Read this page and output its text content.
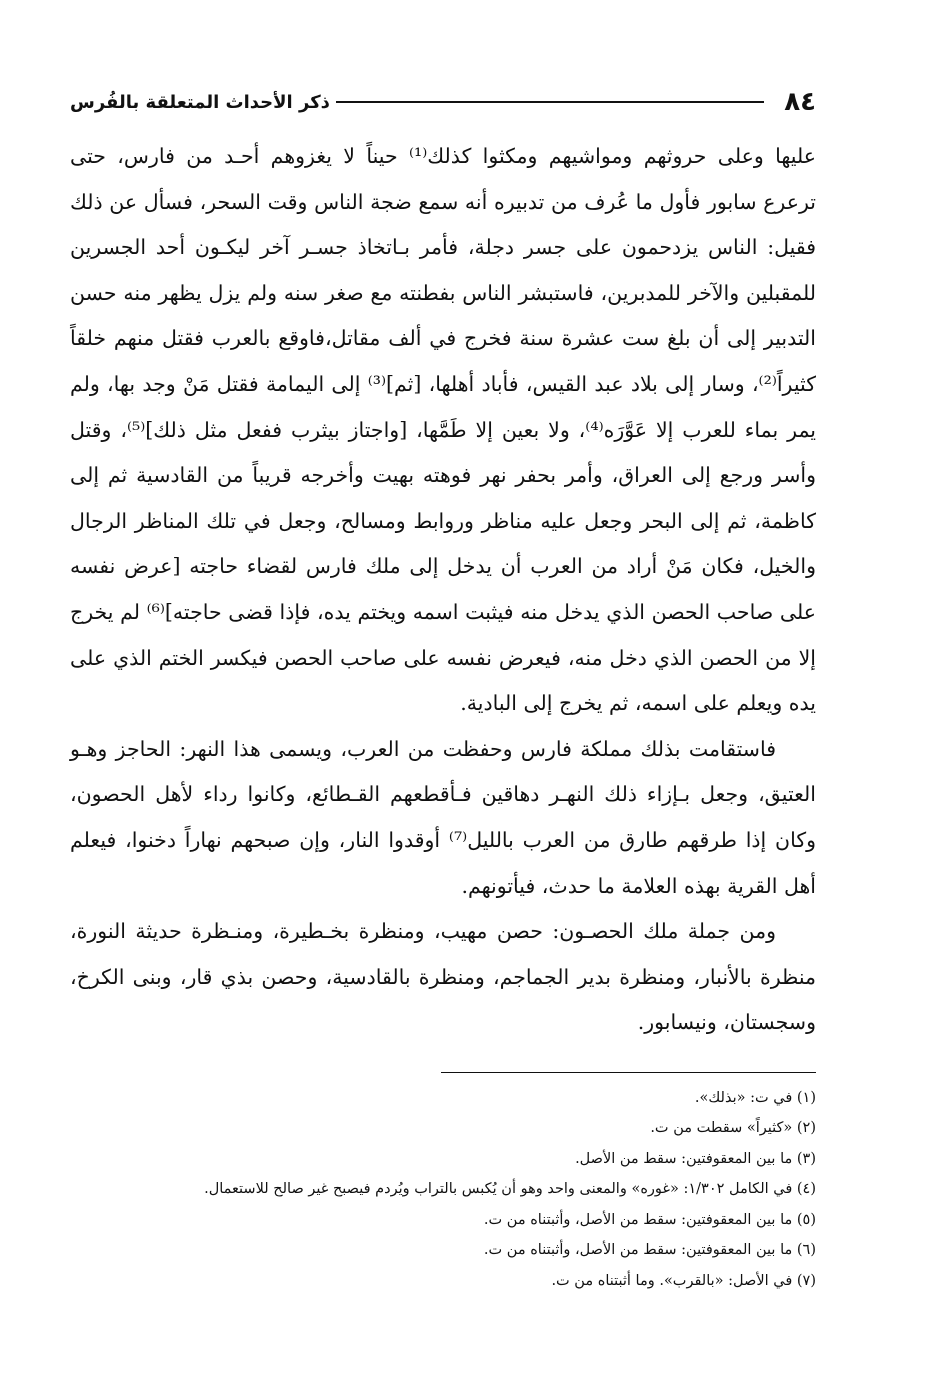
٨٤
ذكر الأحداث المتعلقة بالفُرس

عليها وعلى حروثهم ومواشيهم ومكثوا كذلك⁽¹⁾ حيناً لا يغزوهم أحـد من فارس، حتى ترعرع سابور فأول ما عُرف من تدبيره أنه سمع ضجة الناس وقت السحر، فسأل عن ذلك فقيل: الناس يزدحمون على جسر دجلة، فأمر بـاتخاذ جسـر آخر ليكـون أحد الجسرين للمقبلين والآخر للمدبرين، فاستبشر الناس بفطنته مع صغر سنه ولم يزل يظهر منه حسن التدبير إلى أن بلغ ست عشرة سنة فخرج في ألف مقاتل،فاوقع بالعرب فقتل منهم خلقاً كثيراً⁽²⁾، وسار إلى بلاد عبد القيس، فأباد أهلها، [ثم]⁽³⁾ إلى اليمامة فقتل مَنْ وجد بها، ولم يمر بماء للعرب إلا عَوَّرَه⁽⁴⁾، ولا بعين إلا طَمَّها، [واجتاز بيثرب ففعل مثل ذلك]⁽⁵⁾، وقتل وأسر ورجع إلى العراق، وأمر بحفر نهر فوهته بهيت وأخرجه قريباً من القادسية ثم إلى كاظمة، ثم إلى البحر وجعل عليه مناظر وروابط ومسالح، وجعل في تلك المناظر الرجال والخيل، فكان مَنْ أراد من العرب أن يدخل إلى ملك فارس لقضاء حاجته [عرض نفسه على صاحب الحصن الذي يدخل منه فيثبت اسمه ويختم يده، فإذا قضى حاجته]⁽⁶⁾ لم يخرج إلا من الحصن الذي دخل منه، فيعرض نفسه على صاحب الحصن فيكسر الختم الذي على يده ويعلم على اسمه، ثم يخرج إلى البادية.

فاستقامت بذلك مملكة فارس وحفظت من العرب، ويسمى هذا النهر: الحاجز وهـو العتيق، وجعل بـإزاء ذلك النهـر دهاقين فـأقطعهم القـطائع، وكانوا رداء لأهل الحصون، وكان إذا طرقهم طارق من العرب بالليل⁽⁷⁾ أوقدوا النار، وإن صبحهم نهاراً دخنوا، فيعلم أهل القرية بهذه العلامة ما حدث، فيأتونهم.

ومن جملة ملك الحصـون: حصن مهيب، ومنظرة بخـطيرة، ومنـظرة حديثة النورة، منظرة بالأنبار، ومنظرة بدير الجماجم، ومنظرة بالقادسية، وحصن بذي قار، وبنى الكرخ، وسجستان، ونيسابور.

(١) في ت: «بذلك».

(٢) «كثيراً» سقطت من ت.

(٣) ما بين المعقوفتين: سقط من الأصل.

(٤) في الكامل ١/٣٠٢: «غوره» والمعنى واحد وهو أن يُكبس بالتراب ويُردم فيصبح غير صالح للاستعمال.

(٥) ما بين المعقوفتين: سقط من الأصل، وأثبتناه من ت.

(٦) ما بين المعقوفتين: سقط من الأصل، وأثبتناه من ت.

(٧) في الأصل: «بالقرب». وما أثبتناه من ت.
